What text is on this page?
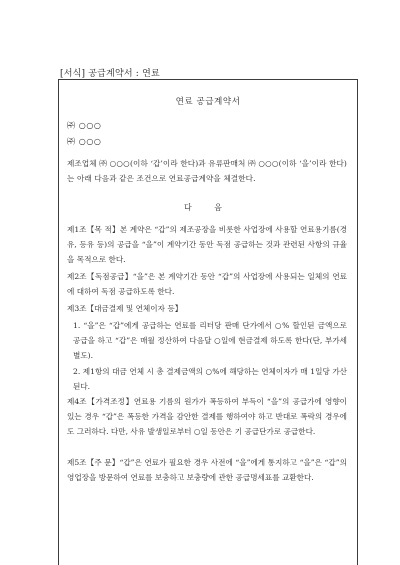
[서식] 공급계약서 : 연료
연료 공급계약서
㈜ ○○○
㈜ ○○○
제조업체 ㈜ ○○○(이하 ‘갑’이라 한다)과 유류판매처 ㈜ ○○○(이하 ‘을’이라 한다)는 아래 다음과 같은 조건으로 연료공급계약을 체결한다.
다 음
제1조【목 적】본 계약은 “갑”의 제조공장을 비롯한 사업장에 사용할 연료용기름(경유, 등유 등)의 공급을 “을”이 계약기간 동안 독점 공급하는 것과 관련된 사항의 규율을 목적으로 한다.
제2조【독점공급】“을”은 본 계약기간 동안 “갑”의 사업장에 사용되는 일체의 연료에 대하여 독점 공급하도록 한다.
제3조【대금결제 및 연체이자 등】
1. “을”은 “갑”에게 공급하는 연료를 리터당 판매 단가에서 ○% 할인된 금액으로 공급을 하고 “갑”은 매월 정산하여 다음달 ○일에 현금결제 하도록 한다(단, 부가세별도).
2. 제1항의 대금 연체 시 총 결제금액의 ○%에 해당하는 연체이자가 매 1일당 가산된다.
제4조【가격조정】연료용 기름의 원가가 폭등하여 부득이 “을”의 공급가에 영향이 있는 경우 “갑”은 폭등한 가격을 감안한 결제를 행하여야 하고 반대로 폭락의 경우에도 그러하다. 다만, 사유 발생일로부터 ○일 동안은 기 공급단가로 공급한다.
제5조【주 문】“갑”은 연료가 필요한 경우 사전에 “을”에게 통지하고 “을”은 “갑”의 영업장을 방문하여 연료를 보충하고 보충량에 관한 공급명세표를 교환한다.
